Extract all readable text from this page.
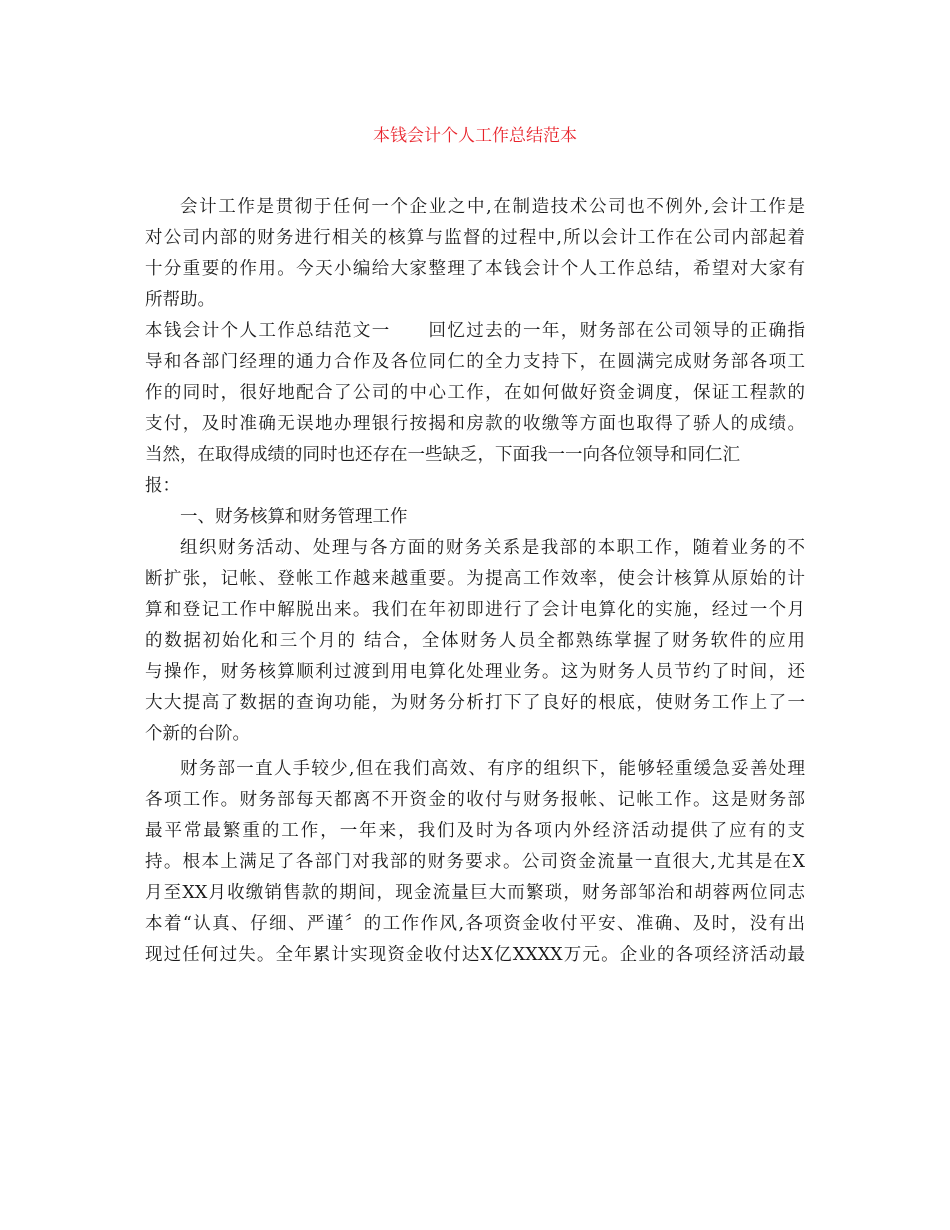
本钱会计个人工作总结范本
会计工作是贯彻于任何一个企业之中,在制造技术公司也不例外,会计工作是
对公司内部的财务进行相关的核算与监督的过程中,所以会计工作在公司内部起着
十分重要的作用。今天小编给大家整理了本钱会计个人工作总结，希望对大家有
所帮助。
本钱会计个人工作总结范文一　　回忆过去的一年，财务部在公司领导的正确指
导和各部门经理的通力合作及各位同仁的全力支持下，在圆满完成财务部各项工
作的同时，很好地配合了公司的中心工作，在如何做好资金调度，保证工程款的
支付，及时准确无误地办理银行按揭和房款的收缴等方面也取得了骄人的成绩。
当然，在取得成绩的同时也还存在一些缺乏，下面我一一向各位领导和同仁汇
报：
一、财务核算和财务管理工作
组织财务活动、处理与各方面的财务关系是我部的本职工作，随着业务的不
断扩张，记帐、登帐工作越来越重要。为提高工作效率，使会计核算从原始的计
算和登记工作中解脱出来。我们在年初即进行了会计电算化的实施，经过一个月
的数据初始化和三个月的 结合，全体财务人员全都熟练掌握了财务软件的应用
与操作，财务核算顺利过渡到用电算化处理业务。这为财务人员节约了时间，还
大大提高了数据的查询功能，为财务分析打下了良好的根底，使财务工作上了一
个新的台阶。
财务部一直人手较少,但在我们高效、有序的组织下，能够轻重缓急妥善处理
各项工作。财务部每天都离不开资金的收付与财务报帐、记帐工作。这是财务部
最平常最繁重的工作，一年来，我们及时为各项内外经济活动提供了应有的支
持。根本上满足了各部门对我部的财务要求。公司资金流量一直很大,尤其是在X
月至XX月收缴销售款的期间，现金流量巨大而繁琐，财务部邹治和胡蓉两位同志
本着“认真、仔细、严谨〞的工作作风,各项资金收付平安、准确、及时，没有出
现过任何过失。全年累计实现资金收付达X亿XXXX万元。企业的各项经济活动最
